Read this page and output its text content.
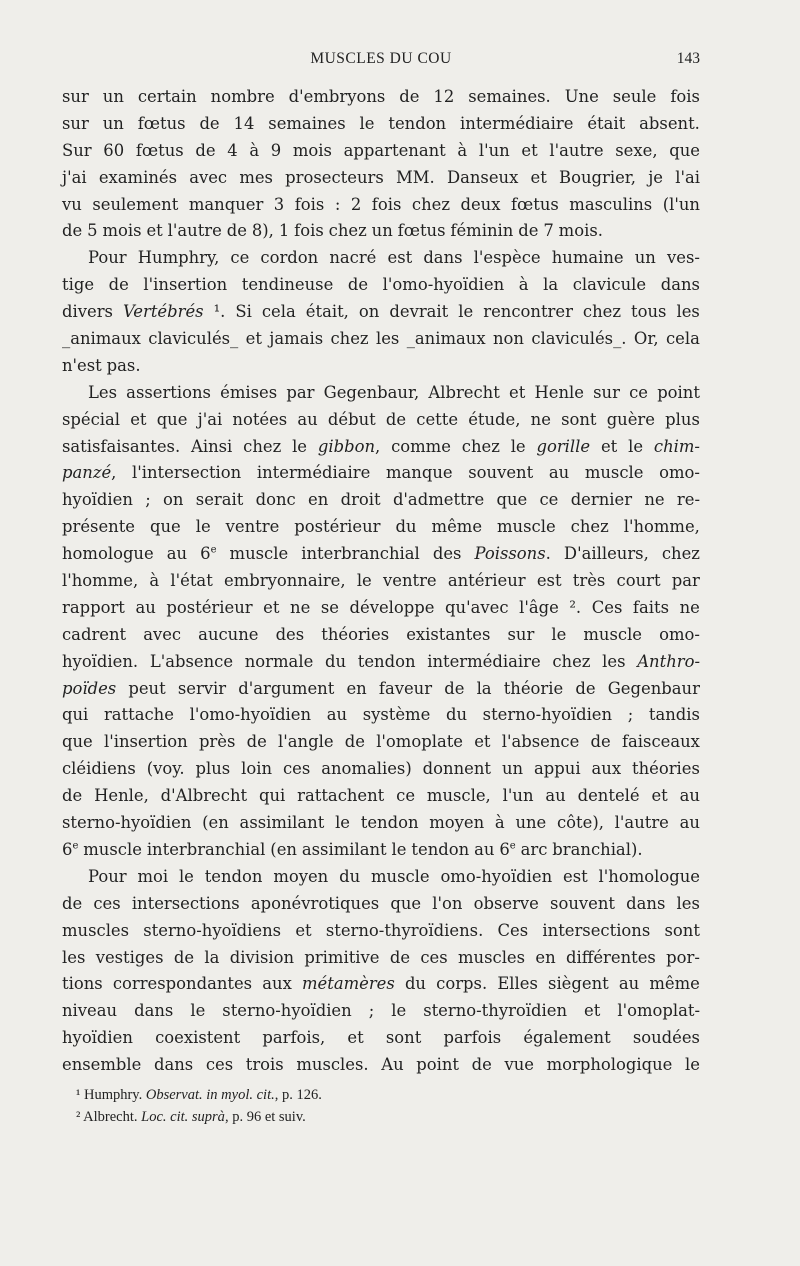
MUSCLES DU COU	143
sur un certain nombre d'embryons de 12 semaines. Une seule fois
sur un fœtus de 14 semaines le tendon intermédiaire était absent.
Sur 60 fœtus de 4 à 9 mois appartenant à l'un et l'autre sexe, que
j'ai examinés avec mes prosecteurs MM. Danseux et Bougrier, je l'ai
vu seulement manquer 3 fois : 2 fois chez deux fœtus masculins (l'un
de 5 mois et l'autre de 8), 1 fois chez un fœtus féminin de 7 mois.
Pour Humphry, ce cordon nacré est dans l'espèce humaine un ves-
tige de l'insertion tendineuse de l'omo-hyoïdien à la clavicule dans
divers Vertébrés ¹. Si cela était, on devrait le rencontrer chez tous les
_animaux claviculés_ et jamais chez les _animaux non claviculés_. Or, cela
n'est pas.
Les assertions émises par Gegenbaur, Albrecht et Henle sur ce point
spécial et que j'ai notées au début de cette étude, ne sont guère plus
satisfaisantes. Ainsi chez le gibbon, comme chez le gorille et le chim-
panzé, l'intersection intermédiaire manque souvent au muscle omo-
hyoïdien ; on serait donc en droit d'admettre que ce dernier ne re-
présente que le ventre postérieur du même muscle chez l'homme,
homologue au 6e muscle interbranchial des Poissons. D'ailleurs, chez
l'homme, à l'état embryonnaire, le ventre antérieur est très court par
rapport au postérieur et ne se développe qu'avec l'âge ². Ces faits ne
cadrent avec aucune des théories existantes sur le muscle omo-
hyoïdien. L'absence normale du tendon intermédiaire chez les Anthro-
poïdes peut servir d'argument en faveur de la théorie de Gegenbaur
qui rattache l'omo-hyoïdien au système du sterno-hyoïdien ; tandis
que l'insertion près de l'angle de l'omoplate et l'absence de faisceaux
cléidiens (voy. plus loin ces anomalies) donnent un appui aux théories
de Henle, d'Albrecht qui rattachent ce muscle, l'un au dentelé et au
sterno-hyoïdien (en assimilant le tendon moyen à une côte), l'autre au
6e muscle interbranchial (en assimilant le tendon au 6e arc branchial).
Pour moi le tendon moyen du muscle omo-hyoïdien est l'homologue
de ces intersections aponévrotiques que l'on observe souvent dans les
muscles sterno-hyoïdiens et sterno-thyroïdiens. Ces intersections sont
les vestiges de la division primitive de ces muscles en différentes por-
tions correspondantes aux métamères du corps. Elles siègent au même
niveau dans le sterno-hyoïdien ; le sterno-thyroïdien et l'omoplat-
hyoïdien coexistent parfois, et sont parfois également soudées
ensemble dans ces trois muscles. Au point de vue morphologique le
¹ Humphry. Observat. in myol. cit., p. 126.
² Albrecht. Loc. cit. suprà, p. 96 et suiv.
